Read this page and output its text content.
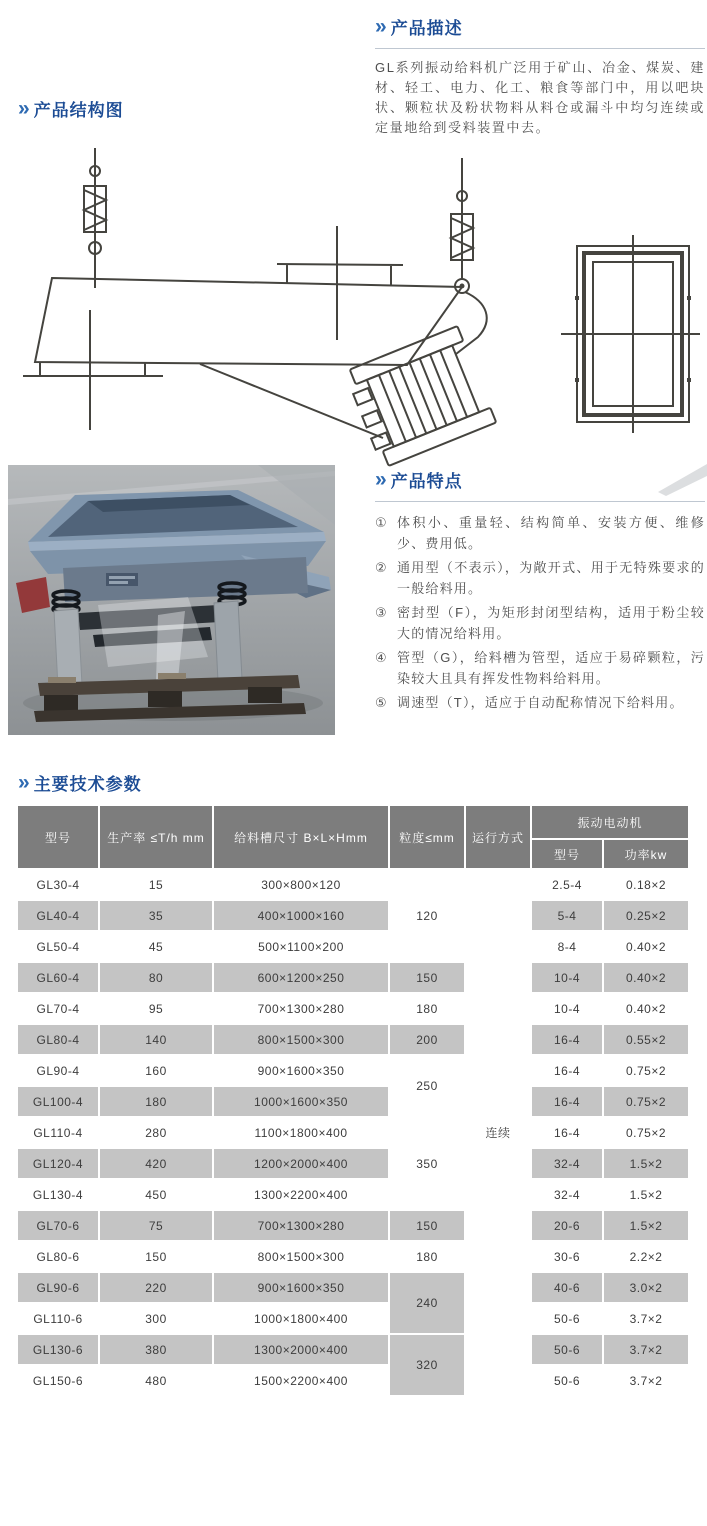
» 产品描述

GL系列振动给料机广泛用于矿山、冶金、煤炭、建材、轻工、电力、化工、粮食等部门中，用以吧块状、颗粒状及粉状物料从料仓或漏斗中均匀连续或定量地给到受料装置中去。

» 产品结构图
» 产品特点
① 体积小、重量轻、结构简单、安装方便、维修少、费用低。
② 通用型（不表示），为敞开式、用于无特殊要求的一般给料用。
③ 密封型（F），为矩形封闭型结构，适用于粉尘较大的情况给料用。
④ 管型（G），给料槽为管型，适应于易碎颗粒，污染较大且具有挥发性物料给料用。
⑤ 调速型（T），适应于自动配称情况下给料用。
» 主要技术参数
型号	生产率 ≤T/h mm	给料槽尺寸 B×L×Hmm	粒度≤mm	运行方式	振动电动机	
					型号	功率kw
GL30-4	15	300×800×120	120	连续	2.5-4	0.18×2
GL40-4	35	400×1000×160			5-4	0.25×2
GL50-4	45	500×1100×200			8-4	0.40×2
GL60-4	80	600×1200×250	150		10-4	0.40×2
GL70-4	95	700×1300×280	180		10-4	0.40×2
GL80-4	140	800×1500×300	200		16-4	0.55×2
GL90-4	160	900×1600×350	250		16-4	0.75×2
GL100-4	180	1000×1600×350			16-4	0.75×2
GL110-4	280	1100×1800×400	350		16-4	0.75×2
GL120-4	420	1200×2000×400			32-4	1.5×2
GL130-4	450	1300×2200×400			32-4	1.5×2
GL70-6	75	700×1300×280	150		20-6	1.5×2
GL80-6	150	800×1500×300	180		30-6	2.2×2
GL90-6	220	900×1600×350	240		40-6	3.0×2
GL110-6	300	1000×1800×400			50-6	3.7×2
GL130-6	380	1300×2000×400	320		50-6	3.7×2
GL150-6	480	1500×2200×400			50-6	3.7×2
